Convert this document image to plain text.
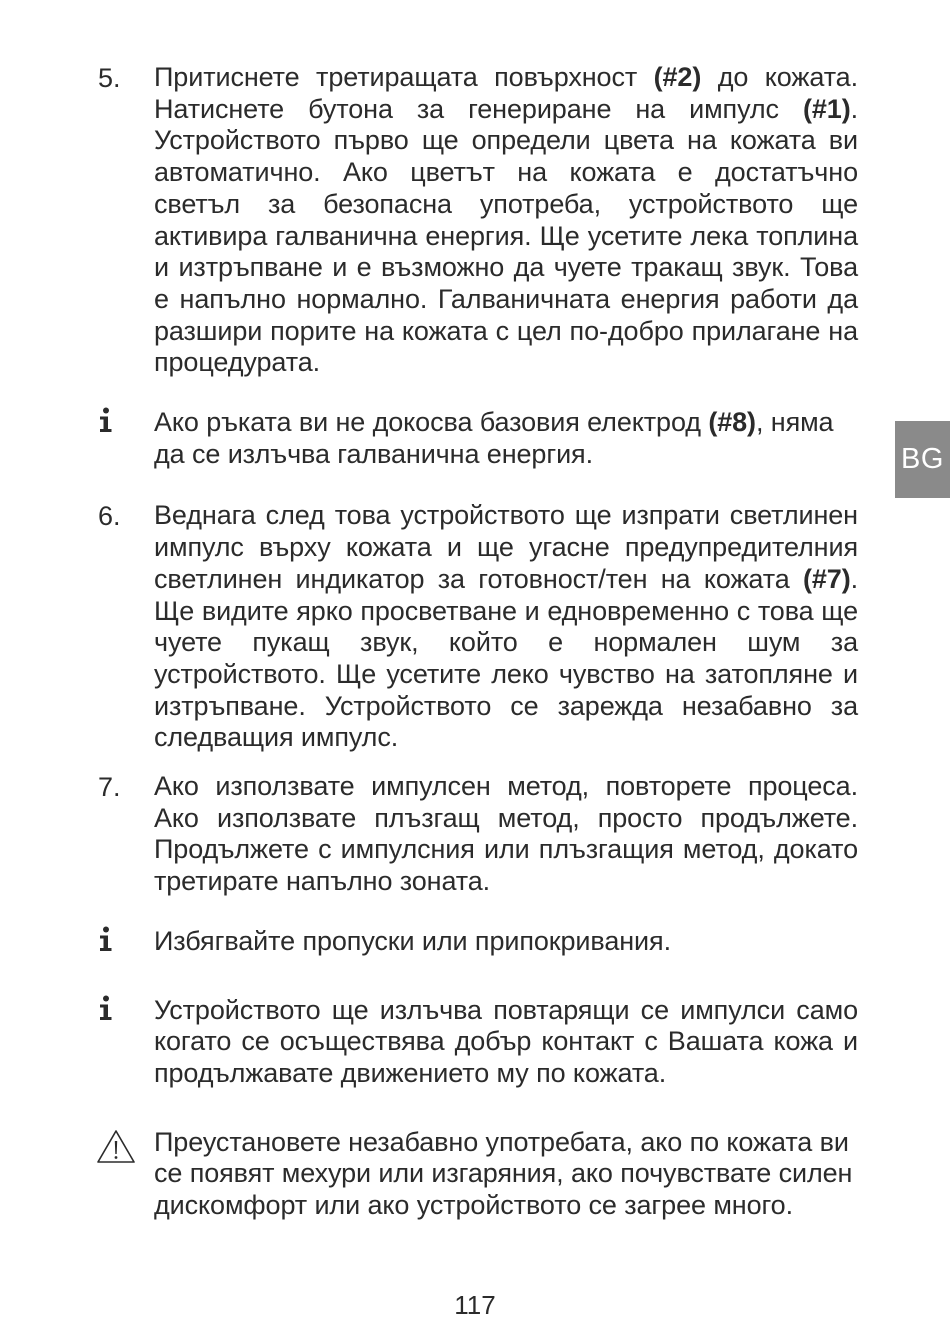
5.	Притиснете третиращата повърхност (#2) до кожата. Натиснете бутона за генериране на импулс (#1). Устройството първо ще определи цвета на кожата ви автоматично. Ако цветът на кожата е достатъчно светъл за безопасна употреба, устройството ще активира галванична енергия. Ще усетите лека топлина и изтръпване и е възможно да чуете тракащ звук. Това е напълно нормално. Галваничната енергия работи да разшири порите на кожата с цел по-добро прилагане на процедурата.
Ако ръката ви не докосва базовия електрод (#8), няма да се излъчва галванична енергия.
6.	Веднага след това устройството ще изпрати светлинен импулс върху кожата и ще угасне предупредителния светлинен индикатор за готовност/тен на кожата (#7). Ще видите ярко просветване и едновременно с това ще чуете пукащ звук, който е нормален шум за устройството. Ще усетите леко чувство на затопляне и изтръпване. Устройството се зарежда незабавно за следващия импулс.
7.	Ако използвате импулсен метод, повторете процеса. Ако използвате плъзгащ метод, просто продължете. Продължете с импулсния или плъзгащия метод, докато третирате напълно зоната.
Избягвайте пропуски или припокривания.
Устройството ще излъчва повтарящи се импулси само когато се осъществява добър контакт с Вашата кожа и продължавате движението му по кожата.
Преустановете незабавно употребата, ако по кожата ви се появят мехури или изгаряния, ако почувствате силен дискомфорт или ако устройството се загрее много.
BG
117
